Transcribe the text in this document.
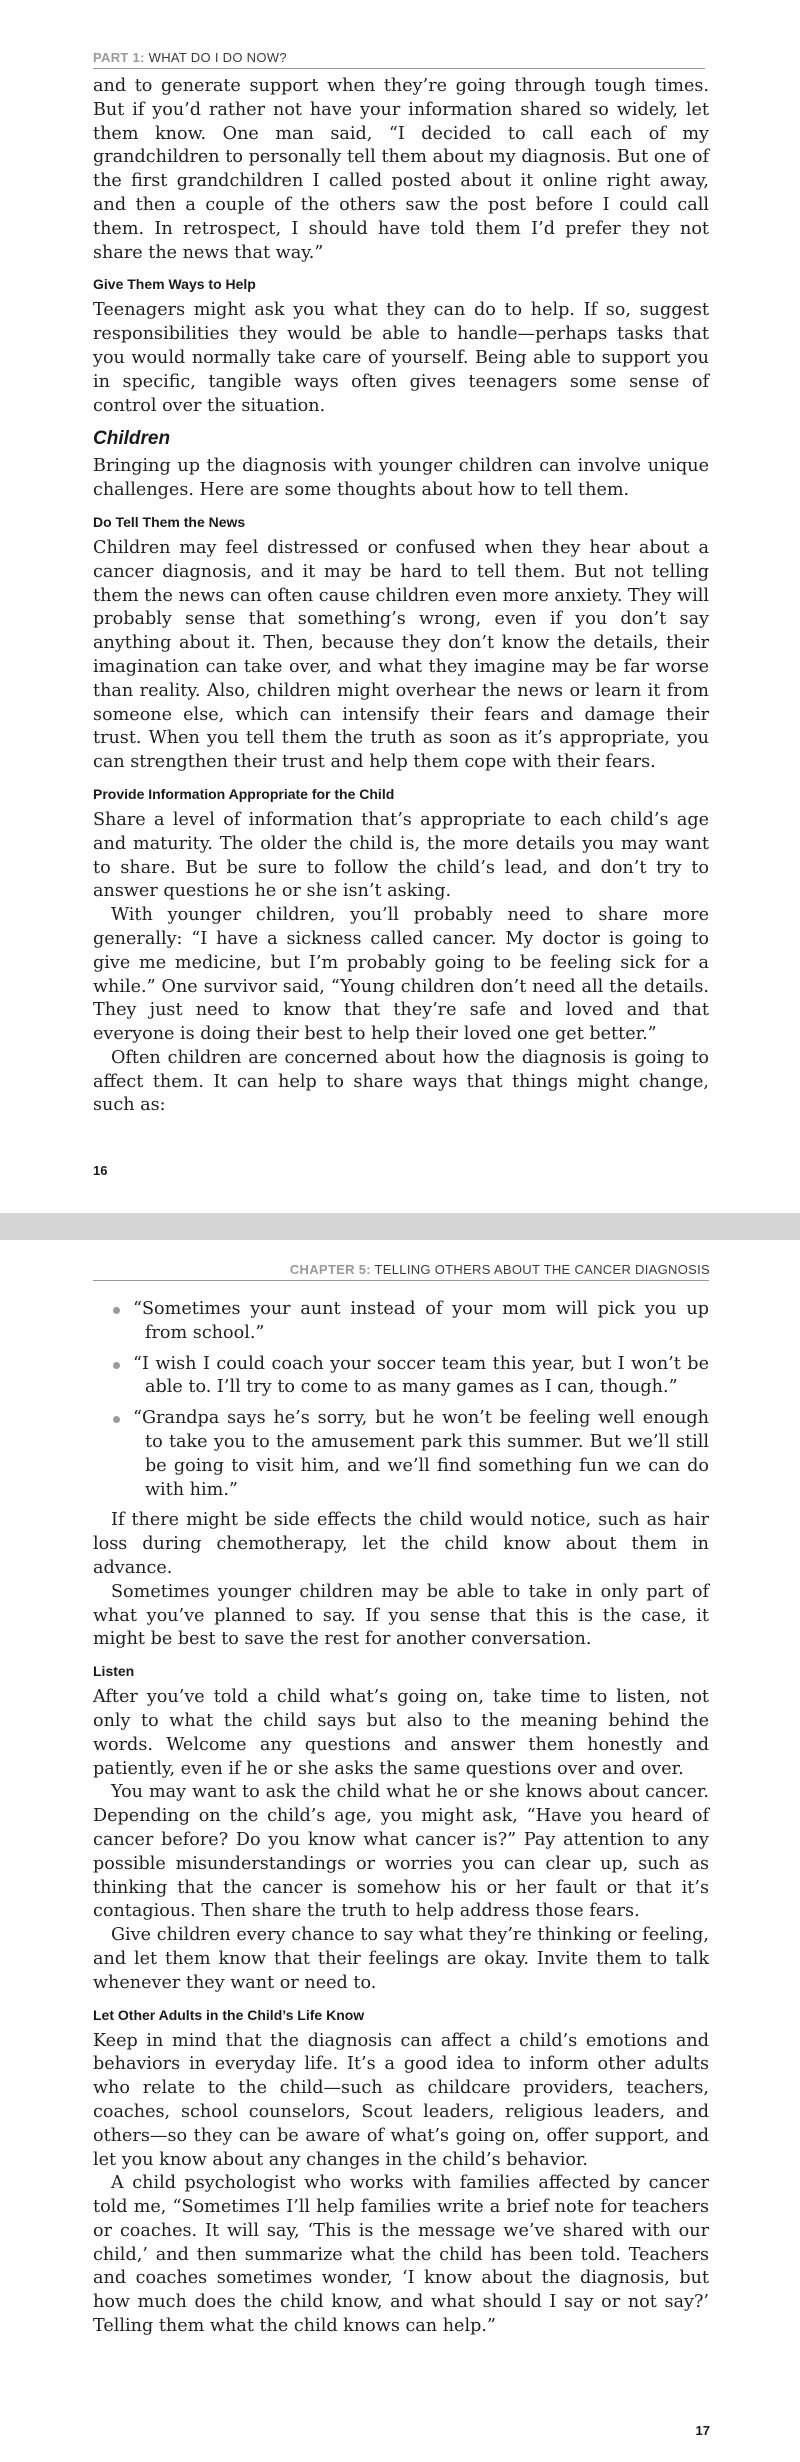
PART 1: WHAT DO I DO NOW?

and to generate support when they’re going through tough times. But if you’d rather not have your information shared so widely, let them know. One man said, “I decided to call each of my grandchildren to personally tell them about my diagnosis. But one of the first grandchildren I called posted about it online right away, and then a couple of the others saw the post before I could call them. In retrospect, I should have told them I’d prefer they not share the news that way.”

Give Them Ways to Help

Teenagers might ask you what they can do to help. If so, suggest responsibilities they would be able to handle—perhaps tasks that you would normally take care of yourself. Being able to support you in specific, tangible ways often gives teenagers some sense of control over the situation.

Children

Bringing up the diagnosis with younger children can involve unique challenges. Here are some thoughts about how to tell them.

Do Tell Them the News

Children may feel distressed or confused when they hear about a cancer diagnosis, and it may be hard to tell them. But not telling them the news can often cause children even more anxiety. They will probably sense that something’s wrong, even if you don’t say anything about it. Then, because they don’t know the details, their imagination can take over, and what they imagine may be far worse than reality. Also, children might overhear the news or learn it from someone else, which can intensify their fears and damage their trust. When you tell them the truth as soon as it’s appropriate, you can strengthen their trust and help them cope with their fears.

Provide Information Appropriate for the Child

Share a level of information that’s appropriate to each child’s age and maturity. The older the child is, the more details you may want to share. But be sure to follow the child’s lead, and don’t try to answer questions he or she isn’t asking.

With younger children, you’ll probably need to share more generally: “I have a sickness called cancer. My doctor is going to give me medicine, but I’m probably going to be feeling sick for a while.” One survivor said, “Young children don’t need all the details. They just need to know that they’re safe and loved and that everyone is doing their best to help their loved one get better.”

Often children are concerned about how the diagnosis is going to affect them. It can help to share ways that things might change, such as:

16
CHAPTER 5: TELLING OTHERS ABOUT THE CANCER DIAGNOSIS
“Sometimes your aunt instead of your mom will pick you up from school.”
“I wish I could coach your soccer team this year, but I won’t be able to. I’ll try to come to as many games as I can, though.”
“Grandpa says he’s sorry, but he won’t be feeling well enough to take you to the amusement park this summer. But we’ll still be going to visit him, and we’ll find something fun we can do with him.”

If there might be side effects the child would notice, such as hair loss during chemotherapy, let the child know about them in advance.

Sometimes younger children may be able to take in only part of what you’ve planned to say. If you sense that this is the case, it might be best to save the rest for another conversation.

Listen

After you’ve told a child what’s going on, take time to listen, not only to what the child says but also to the meaning behind the words. Welcome any questions and answer them honestly and patiently, even if he or she asks the same questions over and over.

You may want to ask the child what he or she knows about cancer. Depending on the child’s age, you might ask, “Have you heard of cancer before? Do you know what cancer is?” Pay attention to any possible misunderstandings or worries you can clear up, such as thinking that the cancer is somehow his or her fault or that it’s contagious. Then share the truth to help address those fears.

Give children every chance to say what they’re thinking or feeling, and let them know that their feelings are okay. Invite them to talk whenever they want or need to.

Let Other Adults in the Child’s Life Know

Keep in mind that the diagnosis can affect a child’s emotions and behaviors in everyday life. It’s a good idea to inform other adults who relate to the child—such as childcare providers, teachers, coaches, school counselors, Scout leaders, religious leaders, and others—so they can be aware of what’s going on, offer support, and let you know about any changes in the child’s behavior.

A child psychologist who works with families affected by cancer told me, “Sometimes I’ll help families write a brief note for teachers or coaches. It will say, ‘This is the message we’ve shared with our child,’ and then summarize what the child has been told. Teachers and coaches sometimes wonder, ‘I know about the diagnosis, but how much does the child know, and what should I say or not say?’ Telling them what the child knows can help.”

17
